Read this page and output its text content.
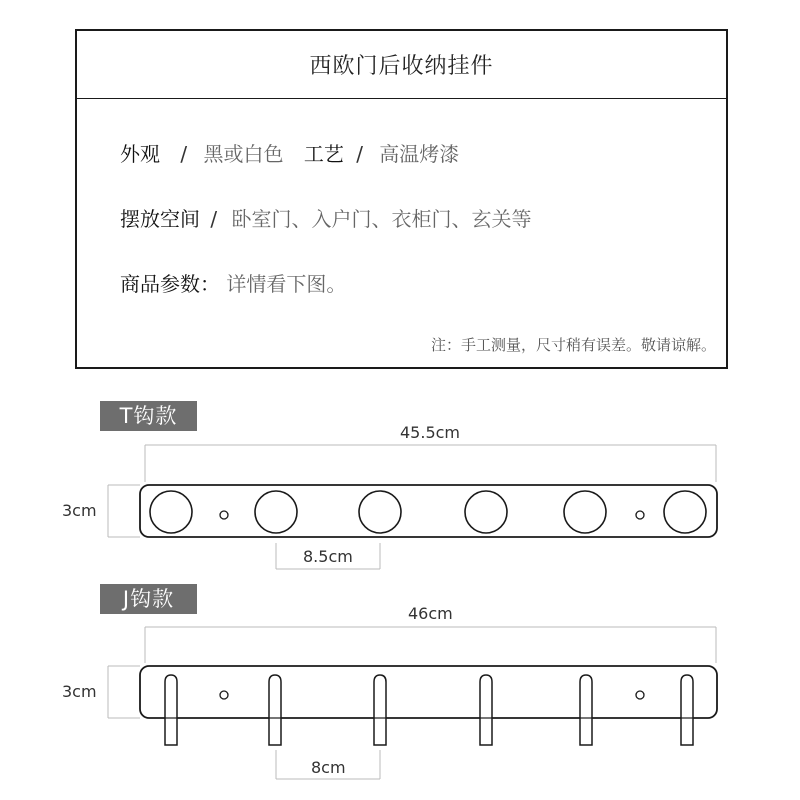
西欧门后收纳挂件
外观 / 黑或白色 工艺 / 高温烤漆
摆放空间 / 卧室门、入户门、衣柜门、玄关等
商品参数： 详情看下图。
注：手工测量，尺寸稍有误差。敬请谅解。
T钩款
45.5cm
3cm
8.5cm
J钩款
46cm
3cm
8cm
